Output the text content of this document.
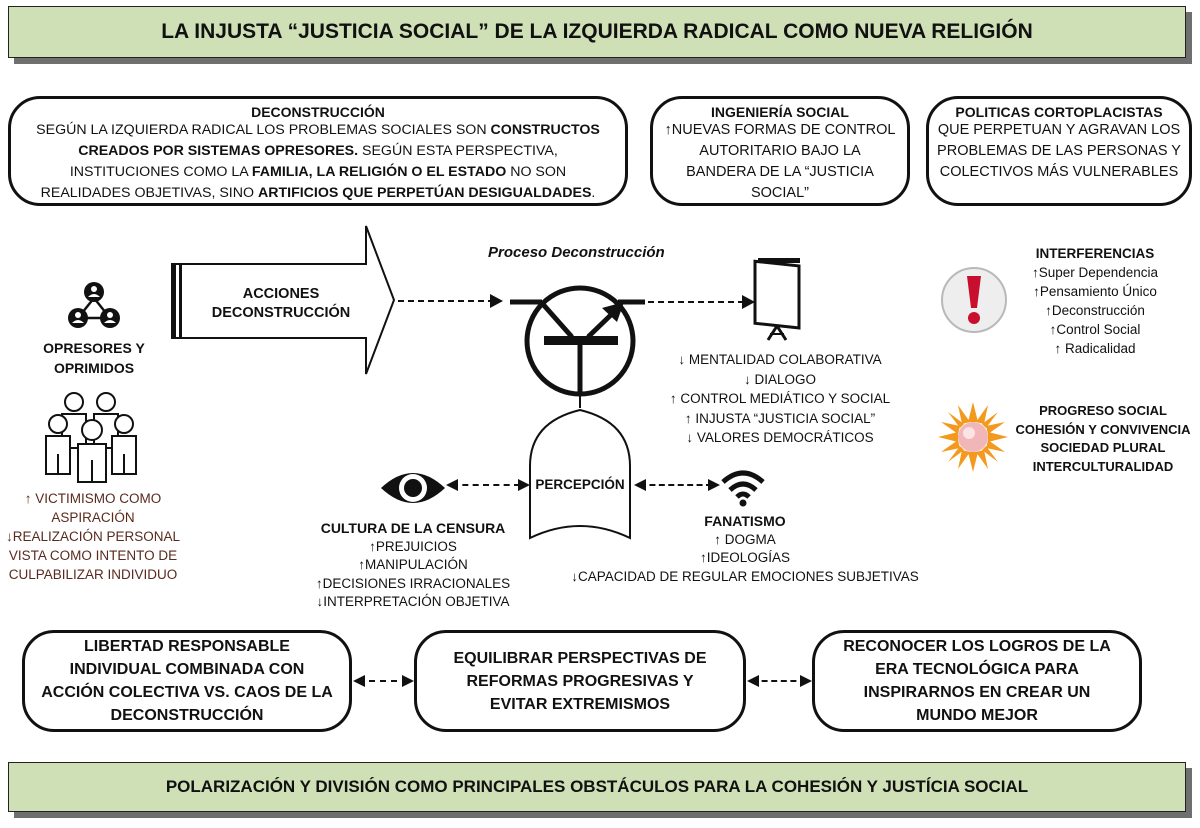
LA INJUSTA “JUSTICIA SOCIAL” DE LA IZQUIERDA RADICAL COMO NUEVA RELIGIÓN
DECONSTRUCCIÓN
SEGÚN LA IZQUIERDA RADICAL LOS PROBLEMAS SOCIALES SON CONSTRUCTOS CREADOS POR SISTEMAS OPRESORES. SEGÚN ESTA PERSPECTIVA, INSTITUCIONES COMO LA FAMILIA, LA RELIGIÓN O EL ESTADO NO SON REALIDADES OBJETIVAS, SINO ARTIFICIOS QUE PERPETÚAN DESIGUALDADES.
INGENIERÍA SOCIAL
↑NUEVAS FORMAS DE CONTROL AUTORITARIO BAJO LA BANDERA DE LA “JUSTICIA SOCIAL”
POLITICAS CORTOPLACISTAS
QUE PERPETUAN Y AGRAVAN LOS PROBLEMAS DE LAS PERSONAS Y COLECTIVOS MÁS VULNERABLES
Proceso Deconstrucción
ACCIONES
DECONSTRUCCIÓN
↓ MENTALIDAD COLABORATIVA
↓ DIALOGO
↑ CONTROL MEDIÁTICO Y SOCIAL
↑ INJUSTA “JUSTICIA SOCIAL”
↓ VALORES DEMOCRÁTICOS
PERCEPCIÓN
CULTURA DE LA CENSURA
↑PREJUICIOS
↑MANIPULACIÓN
↑DECISIONES IRRACIONALES
↓INTERPRETACIÓN OBJETIVA
FANATISMO
↑ DOGMA
↑IDEOLOGÍAS
↓CAPACIDAD DE REGULAR EMOCIONES SUBJETIVAS
OPRESORES Y OPRIMIDOS
↑ VICTIMISMO COMO
ASPIRACIÓN
↓REALIZACIÓN PERSONAL
VISTA COMO INTENTO DE
CULPABILIZAR INDIVIDUO
INTERFERENCIAS
↑Super Dependencia
↑Pensamiento Único
↑Deconstrucción
↑Control Social
↑ Radicalidad
PROGRESO SOCIAL
COHESIÓN Y CONVIVENCIA
SOCIEDAD PLURAL
INTERCULTURALIDAD
LIBERTAD RESPONSABLE INDIVIDUAL COMBINADA CON ACCIÓN COLECTIVA VS. CAOS DE LA DECONSTRUCCIÓN
EQUILIBRAR PERSPECTIVAS DE REFORMAS PROGRESIVAS Y EVITAR EXTREMISMOS
RECONOCER LOS LOGROS DE LA ERA TECNOLÓGICA PARA INSPIRARNOS EN CREAR UN MUNDO MEJOR
POLARIZACIÓN Y DIVISIÓN COMO PRINCIPALES OBSTÁCULOS PARA LA COHESIÓN Y JUSTÍCIA SOCIAL
